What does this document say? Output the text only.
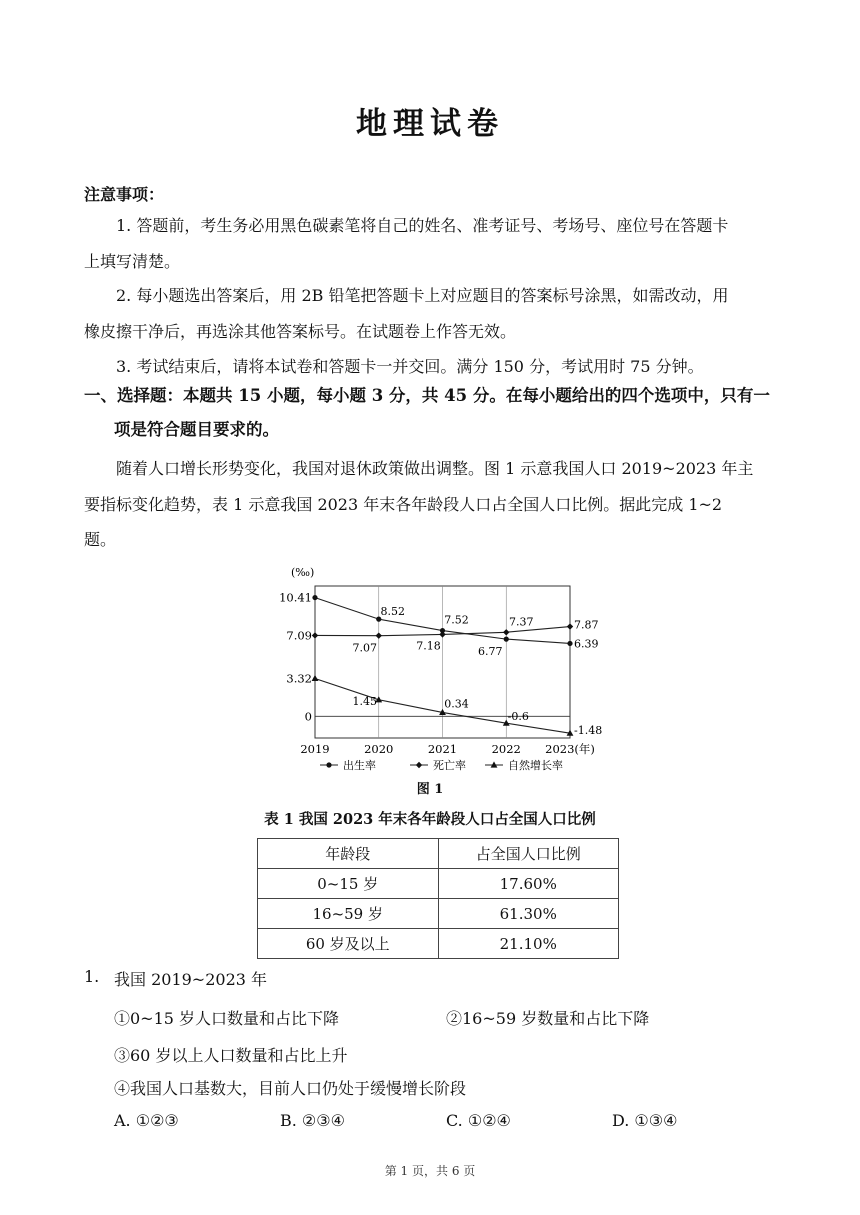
地理试卷
注意事项：
1. 答题前，考生务必用黑色碳素笔将自己的姓名、准考证号、考场号、座位号在答题卡
上填写清楚。
2. 每小题选出答案后，用 2B 铅笔把答题卡上对应题目的答案标号涂黑，如需改动，用
橡皮擦干净后，再选涂其他答案标号。在试题卷上作答无效。
3. 考试结束后，请将本试卷和答题卡一并交回。满分 150 分，考试用时 75 分钟。
一、选择题：本题共 15 小题，每小题 3 分，共 45 分。在每小题给出的四个选项中，只有一
项是符合题目要求的。
随着人口增长形势变化，我国对退休政策做出调整。图 1 示意我国人口 2019~2023 年主
要指标变化趋势，表 1 示意我国 2023 年末各年龄段人口占全国人口比例。据此完成 1~2
题。
(‰)
10.41
7.09
3.32
0
2019	2020	2021	2022 2023(年)
8.52
7.52
6.77
6.39
7.07	7.18
7.37	7.87
1.45	0.34
-0.6
-1.48
出生率	死亡率	自然增长率
图 1
表 1 我国 2023 年末各年龄段人口占全国人口比例
年龄段	占全国人口比例
0~15 岁	17.60%
16~59 岁	61.30%
60 岁及以上	21.10%
1. 我国 2019~2023 年
①0~15 岁人口数量和占比下降	②16~59 岁数量和占比下降
③60 岁以上人口数量和占比上升
④我国人口基数大，目前人口仍处于缓慢增长阶段
A. ①②③	B. ②③④	C. ①②④	D. ①③④
第 1 页，共 6 页
